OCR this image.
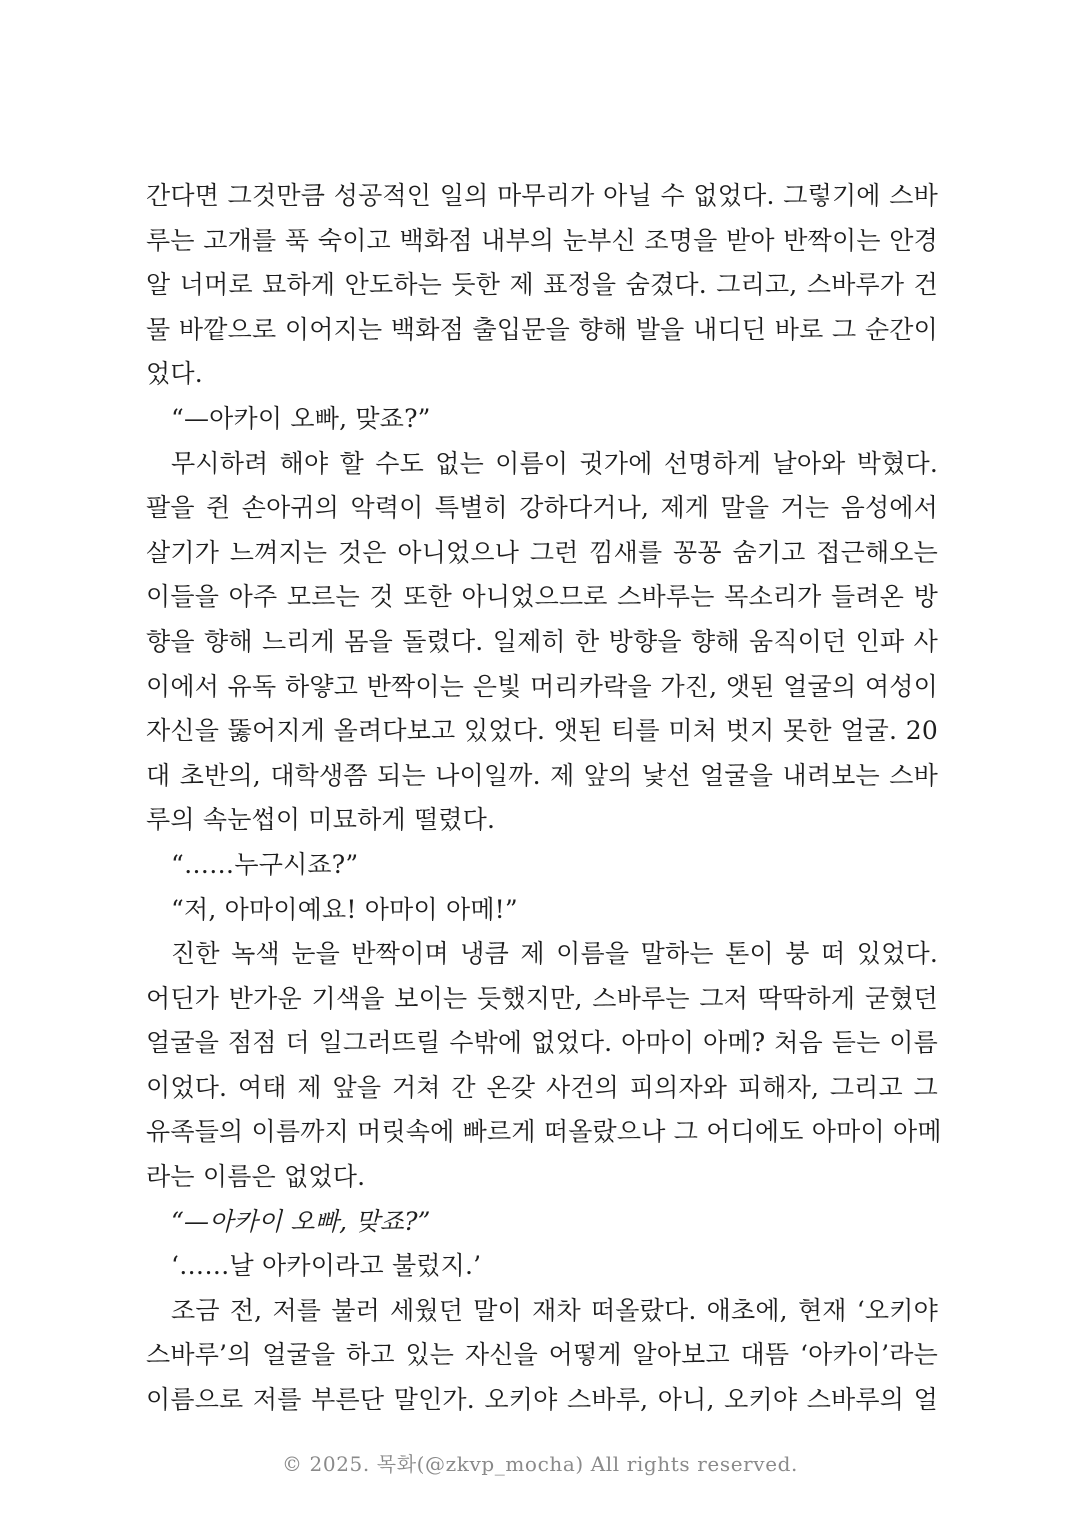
간다면 그것만큼 성공적인 일의 마무리가 아닐 수 없었다. 그렇기에 스바
루는 고개를 푹 숙이고 백화점 내부의 눈부신 조명을 받아 반짝이는 안경
알 너머로 묘하게 안도하는 듯한 제 표정을 숨겼다. 그리고, 스바루가 건
물 바깥으로 이어지는 백화점 출입문을 향해 발을 내디딘 바로 그 순간이
었다.
“—아카이 오빠, 맞죠?”
무시하려 해야 할 수도 없는 이름이 귓가에 선명하게 날아와 박혔다.
팔을 쥔 손아귀의 악력이 특별히 강하다거나, 제게 말을 거는 음성에서
살기가 느껴지는 것은 아니었으나 그런 낌새를 꽁꽁 숨기고 접근해오는
이들을 아주 모르는 것 또한 아니었으므로 스바루는 목소리가 들려온 방
향을 향해 느리게 몸을 돌렸다. 일제히 한 방향을 향해 움직이던 인파 사
이에서 유독 하얗고 반짝이는 은빛 머리카락을 가진, 앳된 얼굴의 여성이
자신을 뚫어지게 올려다보고 있었다. 앳된 티를 미처 벗지 못한 얼굴. 20
대 초반의, 대학생쯤 되는 나이일까. 제 앞의 낯선 얼굴을 내려보는 스바
루의 속눈썹이 미묘하게 떨렸다.
“……누구시죠?”
“저, 아마이예요! 아마이 아메!”
진한 녹색 눈을 반짝이며 냉큼 제 이름을 말하는 톤이 붕 떠 있었다.
어딘가 반가운 기색을 보이는 듯했지만, 스바루는 그저 딱딱하게 굳혔던
얼굴을 점점 더 일그러뜨릴 수밖에 없었다. 아마이 아메? 처음 듣는 이름
이었다. 여태 제 앞을 거쳐 간 온갖 사건의 피의자와 피해자, 그리고 그
유족들의 이름까지 머릿속에 빠르게 떠올랐으나 그 어디에도 아마이 아메
라는 이름은 없었다.
“—아카이 오빠, 맞죠?”
‘……날 아카이라고 불렀지.’
조금 전, 저를 불러 세웠던 말이 재차 떠올랐다. 애초에, 현재 ‘오키야
스바루’의 얼굴을 하고 있는 자신을 어떻게 알아보고 대뜸 ‘아카이’라는
이름으로 저를 부른단 말인가. 오키야 스바루, 아니, 오키야 스바루의 얼
© 2025. 목화(@zkvp_mocha) All rights reserved.
